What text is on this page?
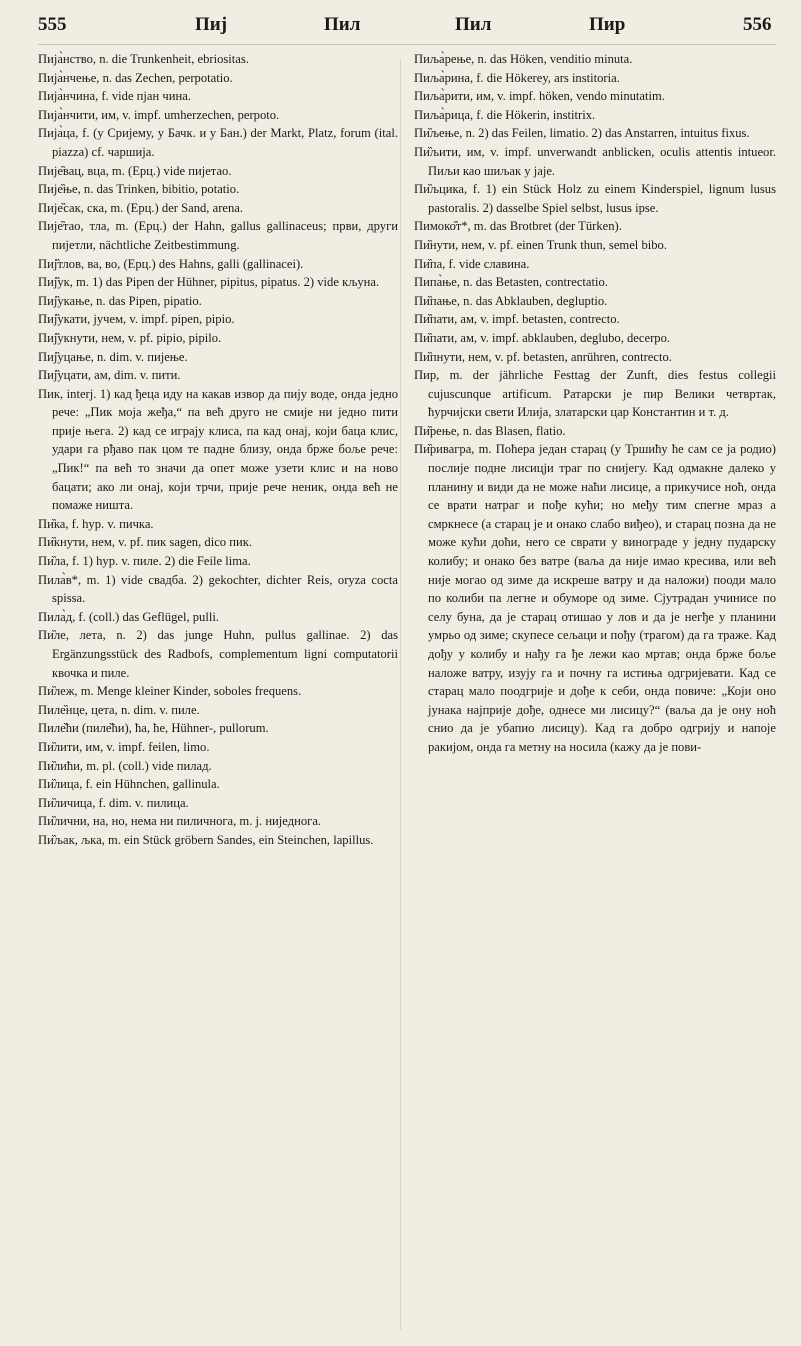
555	Пиј	Пил	Пил	Пир	556

Пија̀нство, n. die Trunkenheit, ebriositas.

Пија̀нчење, n. das Zechen, perpotatio.

Пија̀нчина, f. vide пјан чина.

Пија̀нчити, им, v. impf. umherzechen, perpoto.

Пија̀ца, f. (у Сријему, у Бачк. и у Бан.) der Markt, Platz, forum (ital. piazza) cf. чаршија.

Пије̏вац, вца, m. (Ерц.) vide пијетао.

Пије̏ње, n. das Trinken, bibitio, potatio.

Пије̏сак, ска, m. (Ерц.) der Sand, arena.

Пије̏тао, тла, m. (Ерц.) der Hahn, gallus gallinaceus; први, други пијетли, nächtliche Zeitbestimmung.

Пиј̏тлов, ва, во, (Ерц.) des Hahns, galli (gallinacei).

Пиј̏ук, m. 1) das Pipen der Hühner, pipitus, pipatus. 2) vide кљуна.

Пиј̏укање, n. das Pipen, pipatio.

Пиј̏укати, јучем, v. impf. pipen, pipio.

Пиј̏укнути, нем, v. pf. pipio, pipilo.

Пиј̏уцање, n. dim. v. пијење.

Пиј̏уцати, ам, dim. v. пити.

Пик, interj. 1) кад ђеца иду на какав извор да пију воде, онда једно рече: „Пик моја жеђа,“ па већ друго не смије ни једно пити прије њега. 2) кад се играју клиса, па кад онај, који баца клис, удари га рђаво пак цом те падне близу, онда брже боље рече: „Пик!“ па већ то значи да опет може узети клис и на ново бацати; ако ли онај, који трчи, прије рече неник, онда већ не помаже ништа.

Пи̏ка, f. hyp. v. пичка.

Пи̏кнути, нем, v. pf. пик sagen, dico пик.

Пи̏ла, f. 1) hyp. v. пиле. 2) die Feile lima.

Пила̀в*, m. 1) vide свадба. 2) gekochter, dichter Reis, oryza cocta spissa.

Пила̀д, f. (coll.) das Geflügel, pulli.

Пи̏ле, лета, n. 2) das junge Huhn, pullus gallinae. 2) das Ergänzungsstück des Radbofs, complementum ligni computatorii квочка и пиле.

Пи̏леж, m. Menge kleiner Kinder, soboles frequens.

Пиле̏нце, цета, n. dim. v. пиле.

Пиле̏ћи (пиле̏ћи), ћа, ће, Hühner-, pullorum.

Пи̏лити, им, v. impf. feilen, limo.

Пи̏лићи, m. pl. (coll.) vide пилад.

Пи̏лица, f. ein Hühnchen, gallinula.

Пи̏личица, f. dim. v. пилица.

Пи̏лични, на, но, нема ни пиличнога, m. j. ниједнога.

Пи̏љак, љка, m. ein Stück gröbern Sandes, ein Steinchen, lapillus.

Пиља̀рење, n. das Höken, venditio minuta.

Пиља̀рина, f. die Hökerey, ars institoria.

Пиља̀рити, им, v. impf. höken, vendo minutatim.

Пиља̀рица, f. die Hökerin, institrix.

Пи̏љење, n. 2) das Feilen, limatio. 2) das Anstarren, intuitus fixus.

Пи̏љити, им, v. impf. unverwandt anblicken, oculis attentis intueor. Пиљи као шиљак у јаје.

Пи̏љцика, f. 1) ein Stück Holz zu einem Kinderspiel, lignum lusus pastoralis. 2) dasselbe Spiel selbst, lusus ipse.

Пимоко̏т*, m. das Brotbret (der Türken).

Пи̏нути, нем, v. pf. einen Trunk thun, semel bibo.

Пи̏па, f. vide славина.

Пипа̀ње, n. das Betasten, contrectatio.

Пи̏пање, n. das Abklauben, degluptio.

Пи̏пати, ам, v. impf. betasten, contrecto.

Пи̏пати, ам, v. impf. abklauben, deglubo, decerpo.

Пи̏пнути, нем, v. pf. betasten, anrühren, contrecto.

Пир, m. der jährliche Festtag der Zunft, dies festus collegii cujuscunque artificum. Ратарски је пир Велики четвртак, ћурчијски свети Илија, златарски цар Константин и т. д.

Пи̏рење, n. das Blasen, flatio.

Пи̏ривагра, m. Поћера један старац (у Тршићу ће сам се ја родио) послије подне лисицји траг по снијегу. Кад одмакне далеко у планину и види да не може наћи лисице, а прикучисе ноћ, онда се врати натраг и пођe кући; но међу тим спегне мраз а смркнесе (а старац је и онако слабо виђео), и старац позна да не може кући доћи, него се сврати у винограде у једну пударску колибу; и онако без ватре (ваља да није имао кресива, или већ није могао од зиме да искреше ватру и да наложи) пооди мало по колиби па легне и обуморе од зиме. Сјутрадан учинисе по селу буна, да је старац отишао у лов и да је негђе у планини умрьо од зиме; скупесе сељаци и пођу (трагом) да га траже. Кад дођу у колибу и нађу га ђе лежи као мртав; онда брже боље наложе ватру, изују га и почну га истиња одгријевати. Кад се старац мало поодгрије и дође к себи, онда повиче: „Који оно јунака најприје дође, однесе ми лисицу?“ (ваља да је ону ноћ снио да је убапио лисицу). Кад га добро одгрију и напоје ракијом, онда га метну на носила (кажу да је пови-
